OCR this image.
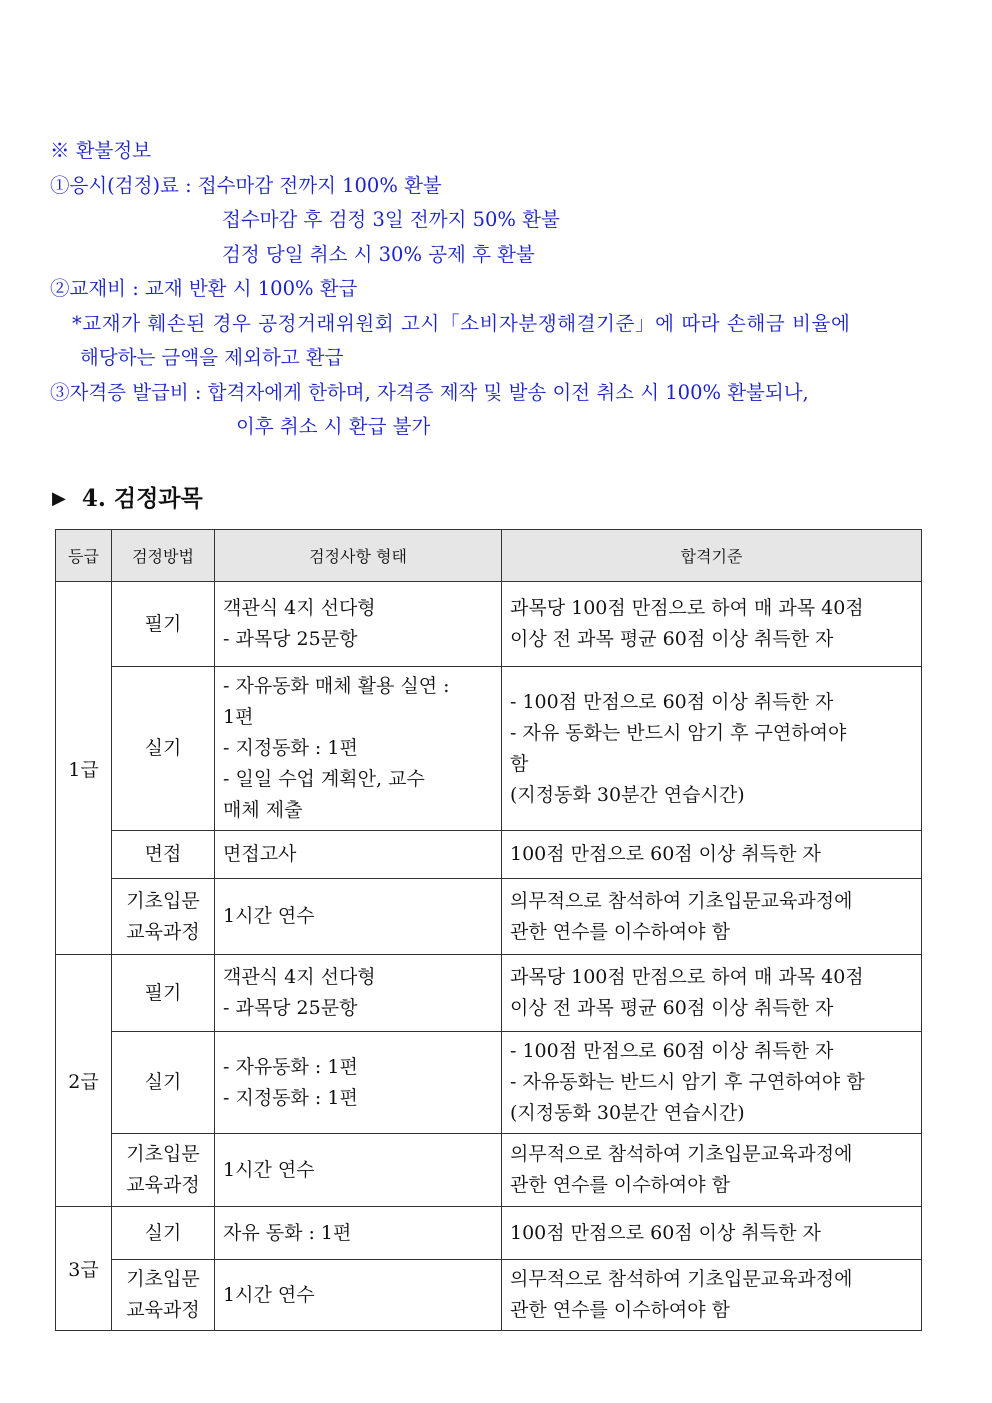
※ 환불정보
①응시(검정)료 : 접수마감 전까지 100% 환불
접수마감 후 검정 3일 전까지 50% 환불
검정 당일 취소 시 30% 공제 후 환불
②교재비 : 교재 반환 시 100% 환급
*교재가 훼손된 경우 공정거래위원회 고시「소비자분쟁해결기준」에 따라 손해금 비율에
해당하는 금액을 제외하고 환급
③자격증 발급비 : 합격자에게 한하며, 자격증 제작 및 발송 이전 취소 시 100% 환불되나,
이후 취소 시 환급 불가
▶ 4. 검정과목
등급	검정방법	검정사항 형태	합격기준
1급	필기	객관식 4지 선다형
- 과목당 25문항	과목당 100점 만점으로 하여 매 과목 40점
이상 전 과목 평균 60점 이상 취득한 자
	실기	- 자유동화 매체 활용 실연 :
1편
- 지정동화 : 1편
- 일일 수업 계획안, 교수
매체 제출	- 100점 만점으로 60점 이상 취득한 자
- 자유 동화는 반드시 암기 후 구연하여야
함
(지정동화 30분간 연습시간)
	면접	면접고사	100점 만점으로 60점 이상 취득한 자
	기초입문
교육과정	1시간 연수	의무적으로 참석하여 기초입문교육과정에
관한 연수를 이수하여야 함
2급	필기	객관식 4지 선다형
- 과목당 25문항	과목당 100점 만점으로 하여 매 과목 40점
이상 전 과목 평균 60점 이상 취득한 자
	실기	- 자유동화 : 1편
- 지정동화 : 1편	- 100점 만점으로 60점 이상 취득한 자
- 자유동화는 반드시 암기 후 구연하여야 함
(지정동화 30분간 연습시간)
	기초입문
교육과정	1시간 연수	의무적으로 참석하여 기초입문교육과정에
관한 연수를 이수하여야 함
3급	실기	자유 동화 : 1편	100점 만점으로 60점 이상 취득한 자
	기초입문
교육과정	1시간 연수	의무적으로 참석하여 기초입문교육과정에
관한 연수를 이수하여야 함
